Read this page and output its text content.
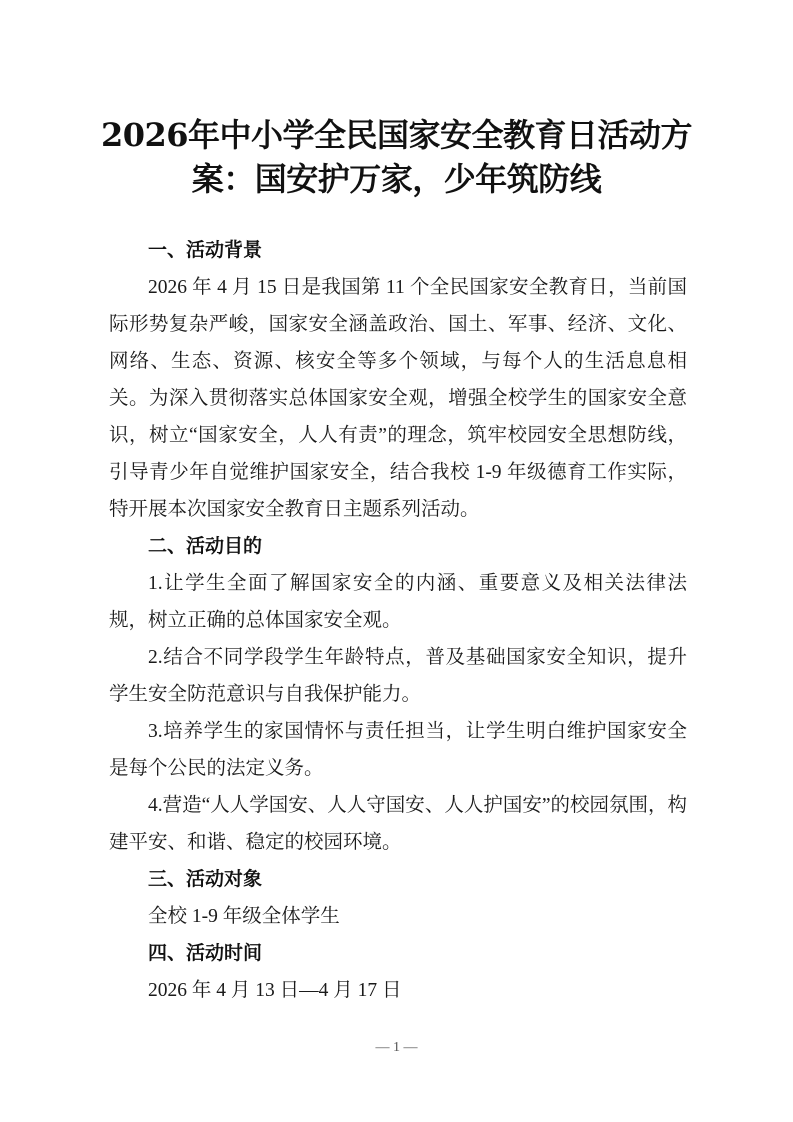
2026年中小学全民国家安全教育日活动方
案：国安护万家，少年筑防线

一、活动背景

2026 年 4 月 15 日是我国第 11 个全民国家安全教育日，当前国际形势复杂严峻，国家安全涵盖政治、国土、军事、经济、文化、网络、生态、资源、核安全等多个领域，与每个人的生活息息相关。为深入贯彻落实总体国家安全观，增强全校学生的国家安全意识，树立“国家安全，人人有责”的理念，筑牢校园安全思想防线，引导青少年自觉维护国家安全，结合我校 1-9 年级德育工作实际，特开展本次国家安全教育日主题系列活动。

二、活动目的

1.让学生全面了解国家安全的内涵、重要意义及相关法律法规，树立正确的总体国家安全观。

2.结合不同学段学生年龄特点，普及基础国家安全知识，提升学生安全防范意识与自我保护能力。

3.培养学生的家国情怀与责任担当，让学生明白维护国家安全是每个公民的法定义务。

4.营造“人人学国安、人人守国安、人人护国安”的校园氛围，构建平安、和谐、稳定的校园环境。

三、活动对象

全校 1-9 年级全体学生

四、活动时间

2026 年 4 月 13 日—4 月 17 日

— 1 —
